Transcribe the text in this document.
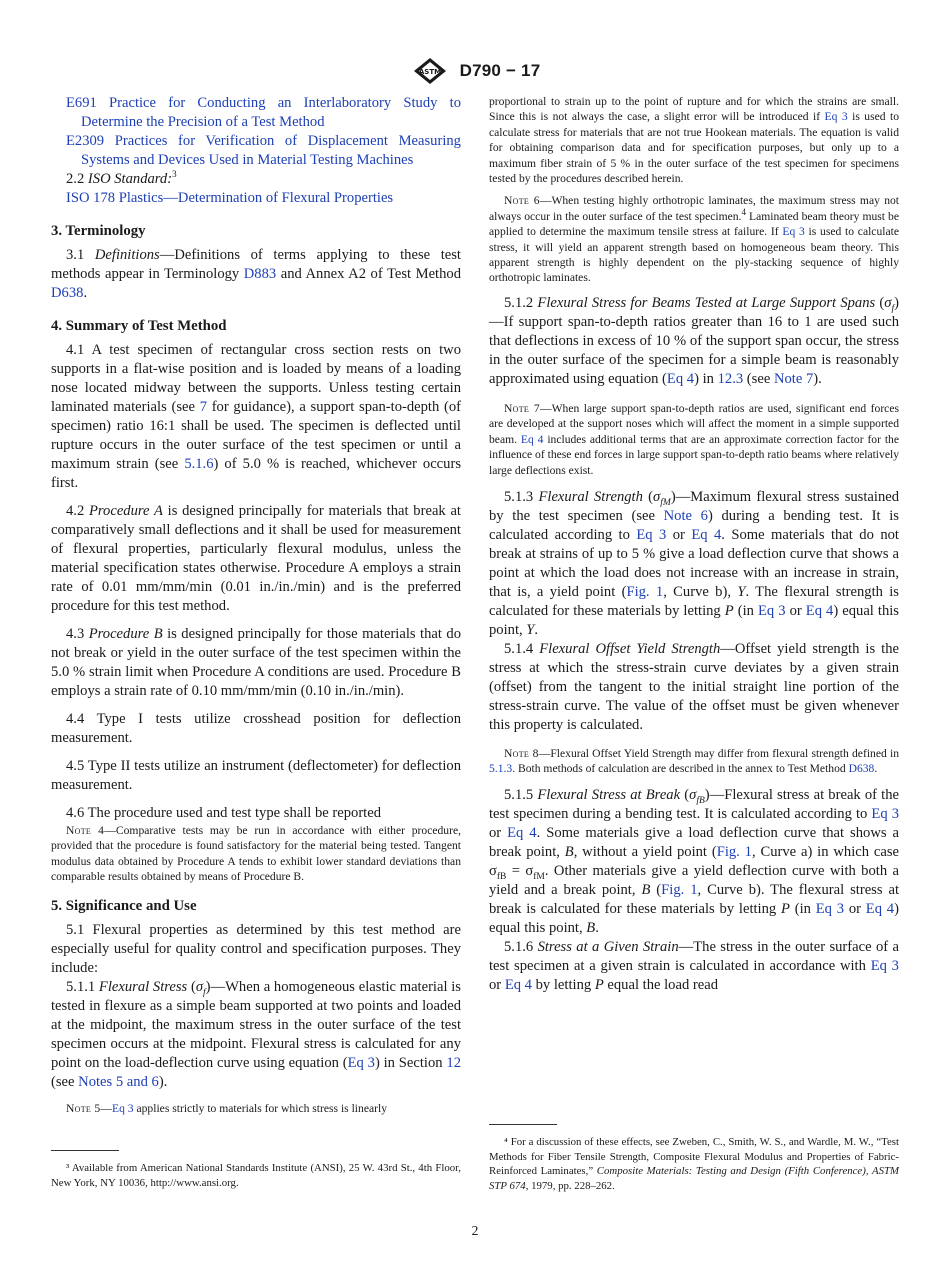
ASTM D790 − 17

E691 Practice for Conducting an Interlaboratory Study to Determine the Precision of a Test Method

E2309 Practices for Verification of Displacement Measuring Systems and Devices Used in Material Testing Machines

2.2 ISO Standard:$^3$

ISO 178 Plastics—Determination of Flexural Properties

3. Terminology

3.1 Definitions—Definitions of terms applying to these test methods appear in Terminology D883 and Annex A2 of Test Method D638.

4. Summary of Test Method

4.1 A test specimen of rectangular cross section rests on two supports in a flat-wise position and is loaded by means of a loading nose located midway between the supports. Unless testing certain laminated materials (see 7 for guidance), a support span-to-depth (of specimen) ratio 16:1 shall be used. The specimen is deflected until rupture occurs in the outer surface of the test specimen or until a maximum strain (see 5.1.6) of 5.0 % is reached, whichever occurs first.

4.2 Procedure A is designed principally for materials that break at comparatively small deflections and it shall be used for measurement of flexural properties, particularly flexural modulus, unless the material specification states otherwise. Procedure A employs a strain rate of 0.01 mm/mm/min (0.01 in./in./min) and is the preferred procedure for this test method.

4.3 Procedure B is designed principally for those materials that do not break or yield in the outer surface of the test specimen within the 5.0 % strain limit when Procedure A conditions are used. Procedure B employs a strain rate of 0.10 mm/mm/min (0.10 in./in./min).

4.4 Type I tests utilize crosshead position for deflection measurement.

4.5 Type II tests utilize an instrument (deflectometer) for deflection measurement.

4.6 The procedure used and test type shall be reported

Note 4—Comparative tests may be run in accordance with either procedure, provided that the procedure is found satisfactory for the material being tested. Tangent modulus data obtained by Procedure A tends to exhibit lower standard deviations than comparable results obtained by means of Procedure B.

5. Significance and Use

5.1 Flexural properties as determined by this test method are especially useful for quality control and specification purposes. They include:

5.1.1 Flexural Stress $(\sigma_f)—When$ a homogeneous elastic material is tested in flexure as a simple beam supported at two points and loaded at the midpoint, the maximum stress in the outer surface of the test specimen occurs at the midpoint. Flexural stress is calculated for any point on the load-deflection curve using equation (Eq 3) in Section 12 (see Notes 5 and 6).

Note 5—Eq 3 applies strictly to materials for which stress is linearly

³ Available from American National Standards Institute (ANSI), 25 W. 43rd St., 4th Floor, New York, NY 10036, http://www.ansi.org.

proportional to strain up to the point of rupture and for which the strains are small. Since this is not always the case, a slight error will be introduced if Eq 3 is used to calculate stress for materials that are not true Hookean materials. The equation is valid for obtaining comparison data and for specification purposes, but only up to a maximum fiber strain of 5 % in the outer surface of the test specimen for specimens tested by the procedures described herein.

Note 6—When testing highly orthotropic laminates, the maximum stress may not always occur in the outer surface of the test specimen.$^4$ Laminated beam theory must be applied to determine the maximum tensile stress at failure. If Eq 3 is used to calculate stress, it will yield an apparent strength based on homogeneous beam theory. This apparent strength is highly dependent on the ply-stacking sequence of highly orthotropic laminates.

5.1.2 Flexural Stress for Beams Tested at Large Support Spans $(\sigma_f)—If$ support span-to-depth ratios greater than 16 to 1 are used such that deflections in excess of 10 % of the support span occur, the stress in the outer surface of the specimen for a simple beam is reasonably approximated using equation (Eq 4) in 12.3 (see Note 7).

Note 7—When large support span-to-depth ratios are used, significant end forces are developed at the support noses which will affect the moment in a simple supported beam. Eq 4 includes additional terms that are an approximate correction factor for the influence of these end forces in large support span-to-depth ratio beams where relatively large deflections exist.

5.1.3 Flexural Strength $(\sigma_{fM})—Maximum$ flexural stress sustained by the test specimen (see Note 6) during a bending test. It is calculated according to Eq 3 or Eq 4. Some materials that do not break at strains of up to 5 % give a load deflection curve that shows a point at which the load does not increase with an increase in strain, that is, a yield point (Fig. 1, Curve b), Y. The flexural strength is calculated for these materials by letting P (in Eq 3 or Eq 4) equal this point, Y.

5.1.4 Flexural Offset Yield Strength—Offset yield strength is the stress at which the stress-strain curve deviates by a given strain (offset) from the tangent to the initial straight line portion of the stress-strain curve. The value of the offset must be given whenever this property is calculated.

Note 8—Flexural Offset Yield Strength may differ from flexural strength defined in 5.1.3. Both methods of calculation are described in the annex to Test Method D638.

5.1.5 Flexural Stress at Break $(\sigma_{fB})—Flexural$ stress at break of the test specimen during a bending test. It is calculated according to Eq 3 or Eq 4. Some materials give a load deflection curve that shows a break point, B, without a yield point (Fig. 1, Curve a) in which case $\sigma_{fB} = \sigma_{fM}$. Other materials give a yield deflection curve with both a yield and a break point, B (Fig. 1, Curve b). The flexural stress at break is calculated for these materials by letting P (in Eq 3 or Eq 4) equal this point, B.

5.1.6 Stress at a Given Strain—The stress in the outer surface of a test specimen at a given strain is calculated in accordance with Eq 3 or Eq 4 by letting P equal the load read

⁴ For a discussion of these effects, see Zweben, C., Smith, W. S., and Wardle, M. W., “Test Methods for Fiber Tensile Strength, Composite Flexural Modulus and Properties of Fabric-Reinforced Laminates,” Composite Materials: Testing and Design (Fifth Conference), ASTM STP 674, 1979, pp. 228–262.

2
